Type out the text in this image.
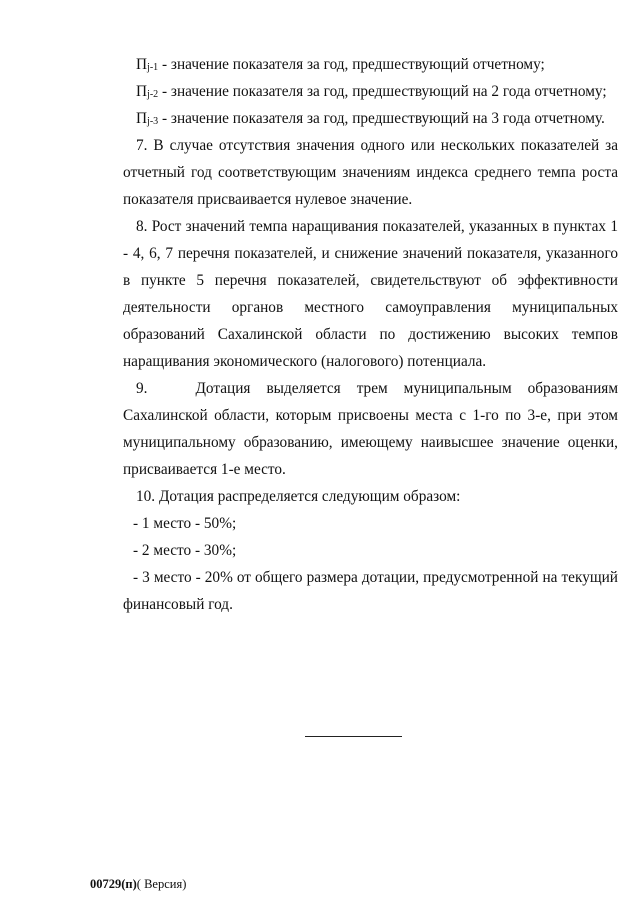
$П_{j-1}$ - значение показателя за год, предшествующий отчетному;

$П_{j-2}$ - значение показателя за год, предшествующий на 2 года отчетному;

$П_{j-3}$ - значение показателя за год, предшествующий на 3 года отчетному.

7. В случае отсутствия значения одного или нескольких показателей за отчетный год соответствующим значениям индекса среднего темпа роста показателя присваивается нулевое значение.

8. Рост значений темпа наращивания показателей, указанных в пунктах 1 - 4, 6, 7 перечня показателей, и снижение значений показателя, указанного в пункте 5 перечня показателей, свидетельствуют об эффективности деятельности органов местного самоуправления муниципальных образований Сахалинской области по достижению высоких темпов наращивания экономического (налогового) потенциала.

9.   Дотация выделяется трем муниципальным образованиям Сахалинской области, которым присвоены места с 1-го по 3-е, при этом муниципальному образованию, имеющему наивысшее значение оценки, присваивается 1-е место.

10. Дотация распределяется следующим образом:

- 1 место - 50%;

- 2 место - 30%;

- 3 место - 20% от общего размера дотации, предусмотренной на текущий финансовый год.

00729(п)( Версия)
